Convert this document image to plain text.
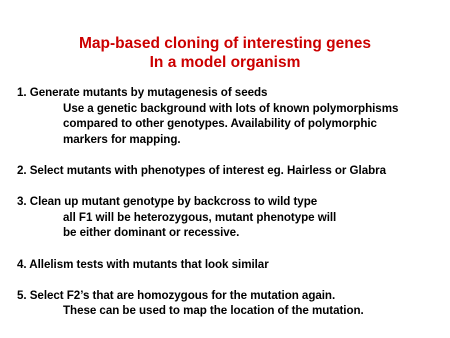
Map-based cloning of interesting genes
In a model organism
1. Generate mutants by mutagenesis of seeds
Use a genetic background with lots of known polymorphisms
compared to other genotypes. Availability of polymorphic
markers for mapping.
2. Select mutants with phenotypes of interest eg. Hairless or Glabra
3. Clean up mutant genotype by backcross to wild type
all F1 will be heterozygous, mutant phenotype will
be either dominant or recessive.
4. Allelism tests with mutants that look similar
5. Select F2’s that are homozygous for the mutation again.
These can be used to map the location of the mutation.
